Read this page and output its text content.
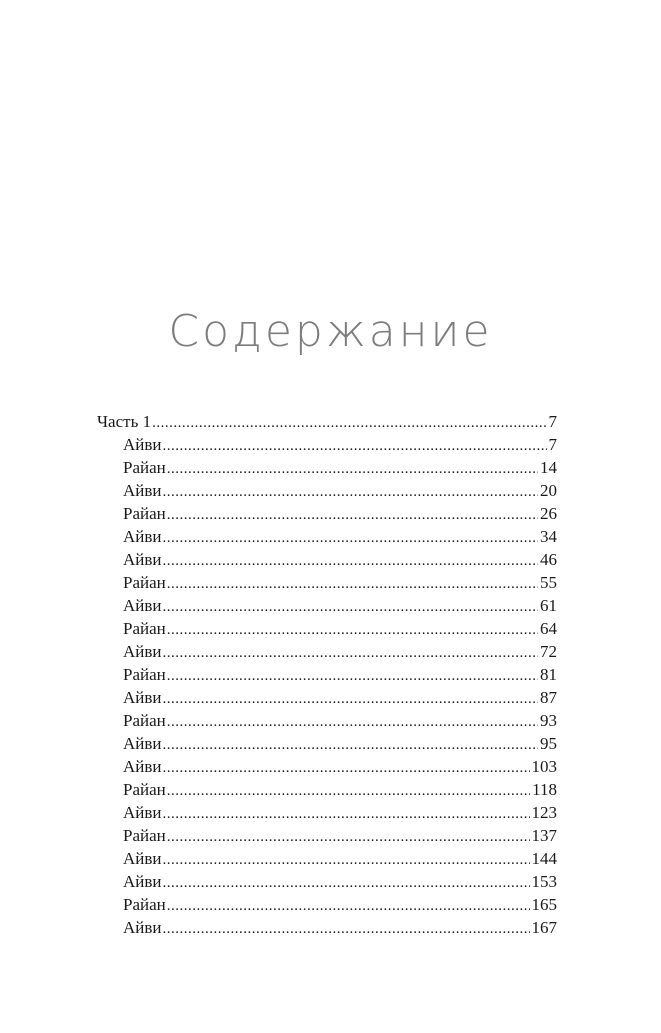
Содержание
Часть 1 .....	7
Айви .....	7
Райан .....	14
Айви .....	20
Райан .....	26
Айви .....	34
Айви .....	46
Райан .....	55
Айви .....	61
Райан .....	64
Айви .....	72
Райан .....	81
Айви .....	87
Райан .....	93
Айви .....	95
Айви .....	103
Райан .....	118
Айви .....	123
Райан .....	137
Айви .....	144
Айви .....	153
Райан .....	165
Айви .....	167
